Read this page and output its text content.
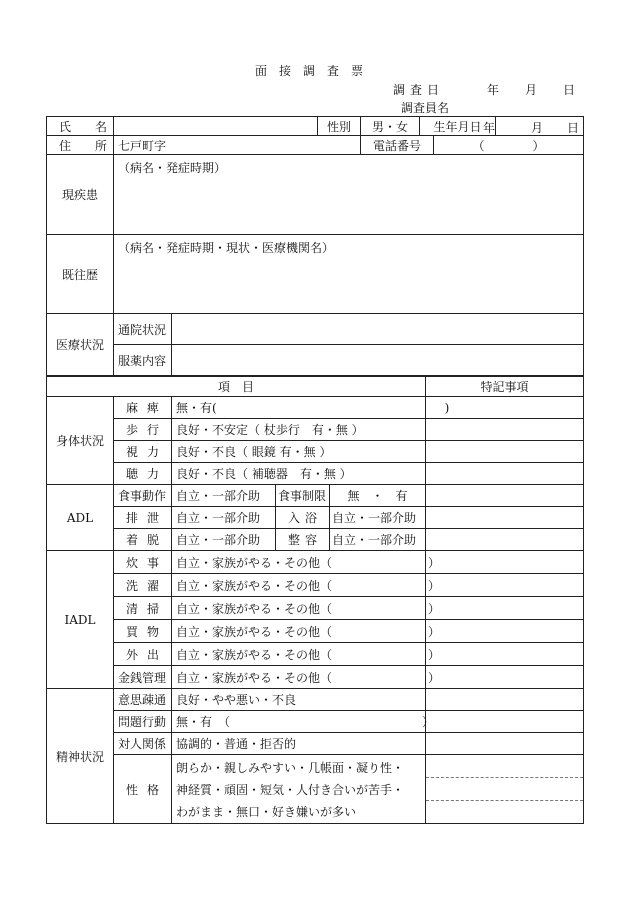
面接調査票
調査日	年 月 日
調査員名
氏　　名		性別	男・女	生年月日		年 月 日

住　　所	七戸町字		電話番号		（　　　　）	
現疾患	（病名・発症時期）	
既往歴	（病名・発症時期・現状・医療機関名）	
医療状況	通院状況	
	服薬内容	
項　目					特記事項
身体状況	麻痺	無・有(　　　　　　　　　　　　　　　　　　　)			
	歩行	良好・不安定（ 杖歩行　有・無 ）			
	視力	良好・不良（ 眼鏡 有・無 ）			
	聴力	良好・不良（ 補聴器　有・無 ）			
ADL	食事動作	自立・一部介助	食事制限	無　・　有	
	排泄	自立・一部介助	入浴	自立・一部介助	
	着脱	自立・一部介助	整容	自立・一部介助	
IADL	炊事	自立・家族がやる・その他（　　　　　　　　）			
	洗濯	自立・家族がやる・その他（　　　　　　　　）			
	清掃	自立・家族がやる・その他（　　　　　　　　）			
	買物	自立・家族がやる・その他（　　　　　　　　）			
	外出	自立・家族がやる・その他（　　　　　　　　）			
	金銭管理	自立・家族がやる・その他（　　　　　　　　）			
精神状況	意思疎通	良好・やや悪い・不良			
	問題行動	無・有　（　　　　　　　　　　　　　　　　）			
	対人関係	協調的・普通・拒否的			
	性格	朗らか・親しみやすい・几帳面・凝り性・
神経質・頑固・短気・人付き合いが苦手・
わがまま・無口・好き嫌いが多い			
